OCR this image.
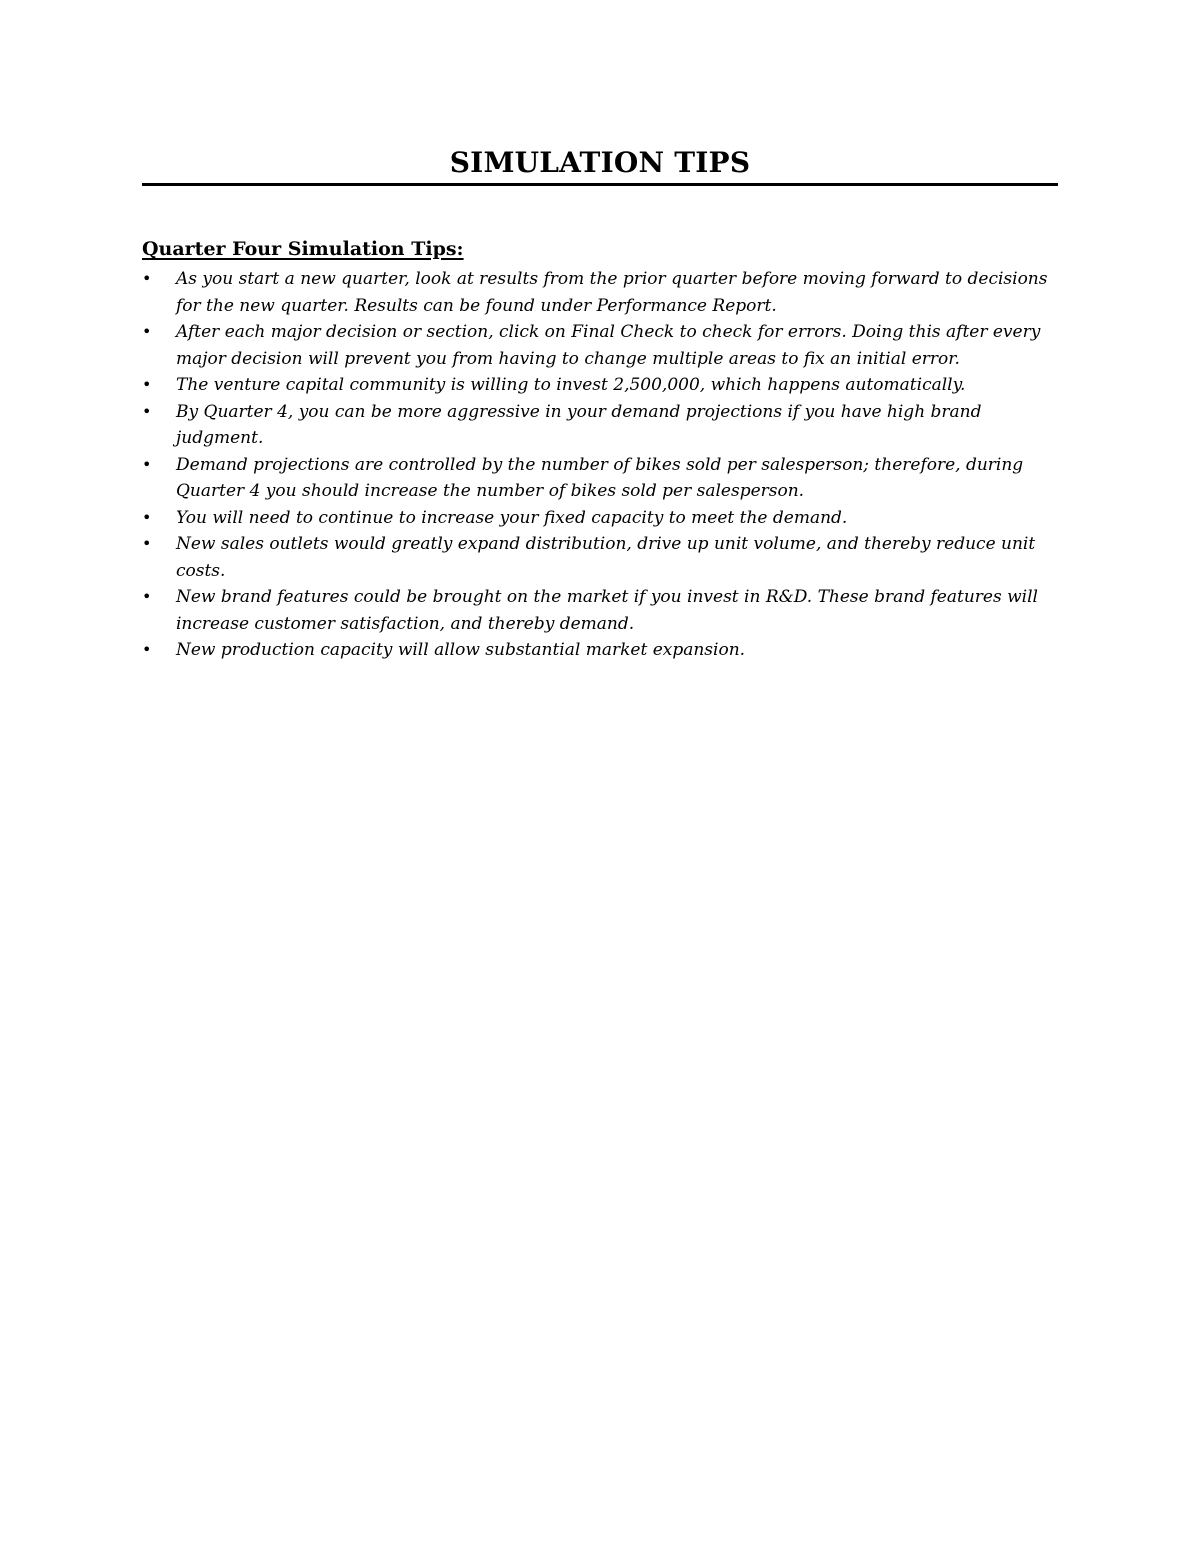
SIMULATION TIPS
Quarter Four Simulation Tips:
• As you start a new quarter, look at results from the prior quarter before moving forward to decisions for the new quarter. Results can be found under Performance Report.
• After each major decision or section, click on Final Check to check for errors. Doing this after every major decision will prevent you from having to change multiple areas to fix an initial error.
• The venture capital community is willing to invest 2,500,000, which happens automatically.
• By Quarter 4, you can be more aggressive in your demand projections if you have high brand judgment.
• Demand projections are controlled by the number of bikes sold per salesperson; therefore, during Quarter 4 you should increase the number of bikes sold per salesperson.
• You will need to continue to increase your fixed capacity to meet the demand.
• New sales outlets would greatly expand distribution, drive up unit volume, and thereby reduce unit costs.
• New brand features could be brought on the market if you invest in R&D. These brand features will increase customer satisfaction, and thereby demand.
• New production capacity will allow substantial market expansion.
